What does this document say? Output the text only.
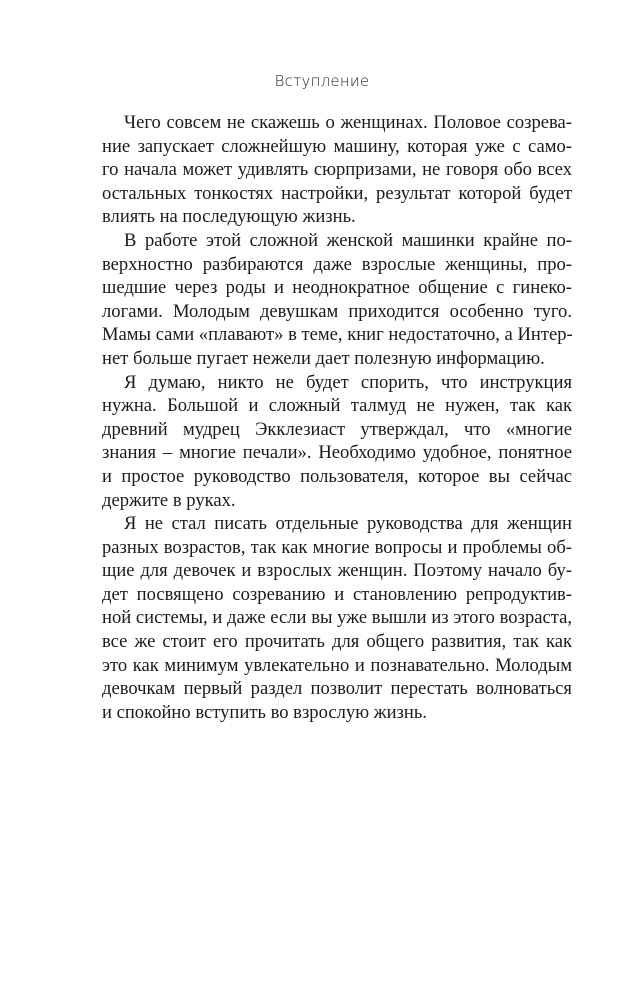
Вступление
Чего совсем не скажешь о женщинах. Половое созрева-
ние запускает сложнейшую машину, которая уже с само-
го начала может удивлять сюрпризами, не говоря обо всех
остальных тонкостях настройки, результат которой будет
влиять на последующую жизнь.
В работе этой сложной женской машинки крайне по-
верхностно разбираются даже взрослые женщины, про-
шедшие через роды и неоднократное общение с гинеко-
логами. Молодым девушкам приходится особенно туго.
Мамы сами «плавают» в теме, книг недостаточно, а Интер-
нет больше пугает нежели дает полезную информацию.
Я думаю, никто не будет спорить, что инструкция
нужна. Большой и сложный талмуд не нужен, так как
древний мудрец Экклезиаст утверждал, что «многие
знания – многие печали». Необходимо удобное, понятное
и простое руководство пользователя, которое вы сейчас
держите в руках.
Я не стал писать отдельные руководства для женщин
разных возрастов, так как многие вопросы и проблемы об-
щие для девочек и взрослых женщин. Поэтому начало бу-
дет посвящено созреванию и становлению репродуктив-
ной системы, и даже если вы уже вышли из этого возраста,
все же стоит его прочитать для общего развития, так как
это как минимум увлекательно и познавательно. Молодым
девочкам первый раздел позволит перестать волноваться
и спокойно вступить во взрослую жизнь.
